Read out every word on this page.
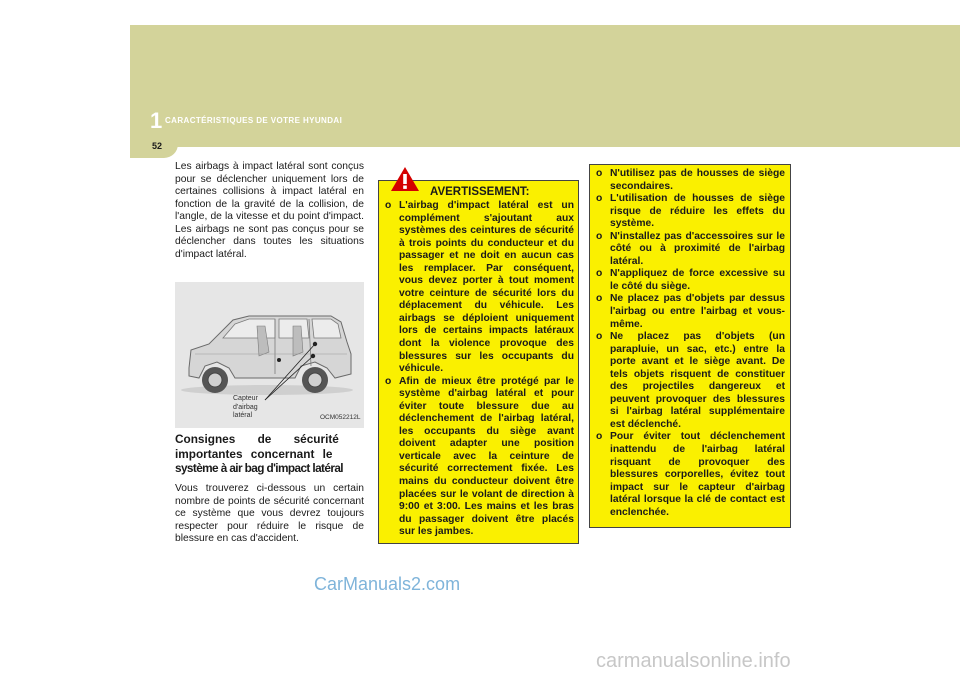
1 CARACTÉRISTIQUES DE VOTRE HYUNDAI
52

Les airbags à impact latéral sont conçus pour se déclencher uniquement lors de certaines collisions à impact latéral en fonction de la gravité de la collision, de l'angle, de la vitesse et du point d'impact. Les airbags ne sont pas conçus pour se déclencher dans toutes les situations d'impact latéral.

Capteur
d'airbag
latéral	OCM052212L
Consignes de sécurité
importantes concernant le
système à air bag d'impact latéral

Vous trouverez ci-dessous un certain nombre de points de sécurité concernant ce système que vous devrez toujours respecter pour réduire le risque de blessure en cas d'accident.

AVERTISSEMENT:
o L'airbag d'impact latéral est un complément s'ajoutant aux systèmes des ceintures de sécurité à trois points du conducteur et du passager et ne doit en aucun cas les remplacer. Par conséquent, vous devez porter à tout moment votre ceinture de sécurité lors du déplacement du véhicule. Les airbags se déploient uniquement lors de certains impacts latéraux dont la violence provoque des blessures sur les occupants du véhicule.
o Afin de mieux être protégé par le système d'airbag latéral et pour éviter toute blessure due au déclenchement de l'airbag latéral, les occupants du siège avant doivent adapter une position verticale avec la ceinture de sécurité correctement fixée. Les mains du conducteur doivent être placées sur le volant de direction à 9:00 et 3:00. Les mains et les bras du passager doivent être placés sur les jambes.
o N'utilisez pas de housses de siège secondaires.
o L'utilisation de housses de siège risque de réduire les effets du système.
o N'installez pas d'accessoires sur le côté ou à proximité de l'airbag latéral.
o N'appliquez de force excessive su le côté du siège.
o Ne placez pas d'objets par dessus l'airbag ou entre l'airbag et vous-même.
o Ne placez pas d'objets (un parapluie, un sac, etc.) entre la porte avant et le siège avant. De tels objets risquent de constituer des projectiles dangereux et peuvent provoquer des blessures si l'airbag latéral supplémentaire est déclenché.
o Pour éviter tout déclenchement inattendu de l'airbag latéral risquant de provoquer des blessures corporelles, évitez tout impact sur le capteur d'airbag latéral lorsque la clé de contact est enclenchée.
CarManuals2.com
carmanualsonline.info
